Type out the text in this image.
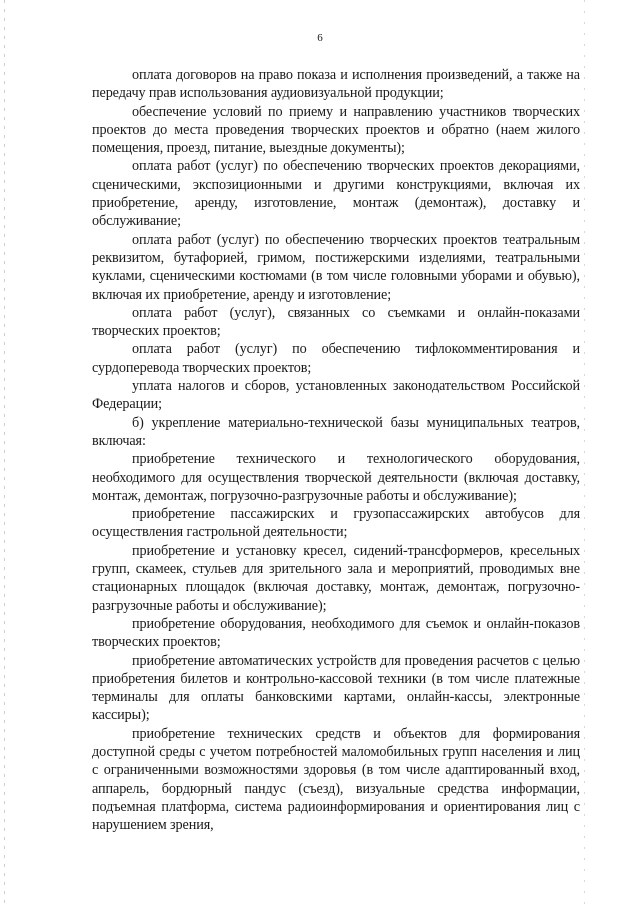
6

оплата договоров на право показа и исполнения произведений, а также на передачу прав использования аудиовизуальной продукции;

обеспечение условий по приему и направлению участников творческих проектов до места проведения творческих проектов и обратно (наем жилого помещения, проезд, питание, выездные документы);

оплата работ (услуг) по обеспечению творческих проектов декорациями, сценическими, экспозиционными и другими конструкциями, включая их приобретение, аренду, изготовление, монтаж (демонтаж), доставку и обслуживание;

оплата работ (услуг) по обеспечению творческих проектов театральным реквизитом, бутафорией, гримом, постижерскими изделиями, театральными куклами, сценическими костюмами (в том числе головными уборами и обувью), включая их приобретение, аренду и изготовление;

оплата работ (услуг), связанных со съемками и онлайн-показами творческих проектов;

оплата работ (услуг) по обеспечению тифлокомментирования и сурдоперевода творческих проектов;

уплата налогов и сборов, установленных законодательством Российской Федерации;

б) укрепление материально-технической базы муниципальных театров, включая:

приобретение технического и технологического оборудования, необходимого для осуществления творческой деятельности (включая доставку, монтаж, демонтаж, погрузочно-разгрузочные работы и обслуживание);

приобретение пассажирских и грузопассажирских автобусов для осуществления гастрольной деятельности;

приобретение и установку кресел, сидений-трансформеров, кресельных групп, скамеек, стульев для зрительного зала и мероприятий, проводимых вне стационарных площадок (включая доставку, монтаж, демонтаж, погрузочно-разгрузочные работы и обслуживание);

приобретение оборудования, необходимого для съемок и онлайн-показов творческих проектов;

приобретение автоматических устройств для проведения расчетов с целью приобретения билетов и контрольно-кассовой техники (в том числе платежные терминалы для оплаты банковскими картами, онлайн-кассы, электронные кассиры);

приобретение технических средств и объектов для формирования доступной среды с учетом потребностей маломобильных групп населения и лиц с ограниченными возможностями здоровья (в том числе адаптированный вход, аппарель, бордюрный пандус (съезд), визуальные средства информации, подъемная платформа, система радиоинформирования и ориентирования лиц с нарушением зрения,
